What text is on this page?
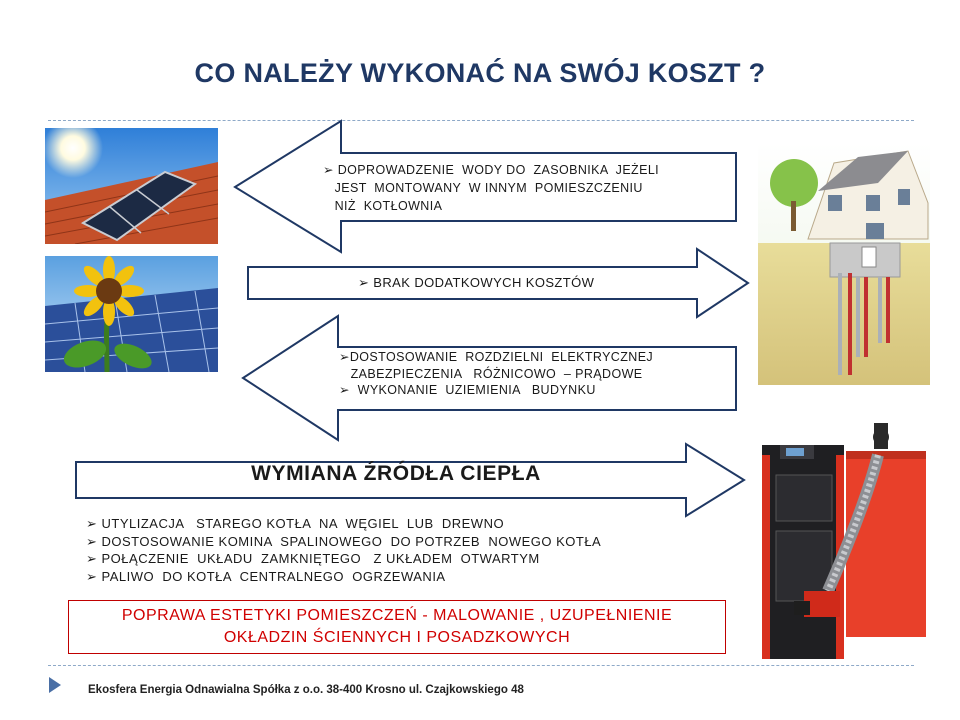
CO NALEŻY WYKONAĆ NA SWÓJ KOSZT ?
➢ DOPROWADZENIE  WODY DO  ZASOBNIKA  JEŻELI
JEST  MONTOWANY  W INNYM  POMIESZCZENIU
NIŻ  KOTŁOWNIA
➢ BRAK DODATKOWYCH KOSZTÓW
➢DOSTOSOWANIE  ROZDZIELNI  ELEKTRYCZNEJ
ZABEZPIECZENIA   RÓŻNICOWO  – PRĄDOWE
➢  WYKONANIE  UZIEMIENIA   BUDYNKU
WYMIANA ŹRÓDŁA CIEPŁA
➢ UTYLIZACJA   STAREGO KOTŁA  NA  WĘGIEL  LUB  DREWNO
➢ DOSTOSOWANIE KOMINA  SPALINOWEGO  DO POTRZEB  NOWEGO KOTŁA
➢ POŁĄCZENIE  UKŁADU  ZAMKNIĘTEGO   Z UKŁADEM  OTWARTYM
➢ PALIWO  DO KOTŁA  CENTRALNEGO  OGRZEWANIA
POPRAWA ESTETYKI POMIESZCZEŃ - MALOWANIE , UZUPEŁNIENIE
OKŁADZIN ŚCIENNYCH I POSADZKOWYCH
Ekosfera Energia Odnawialna Spółka z o.o. 38-400 Krosno ul. Czajkowskiego 48
